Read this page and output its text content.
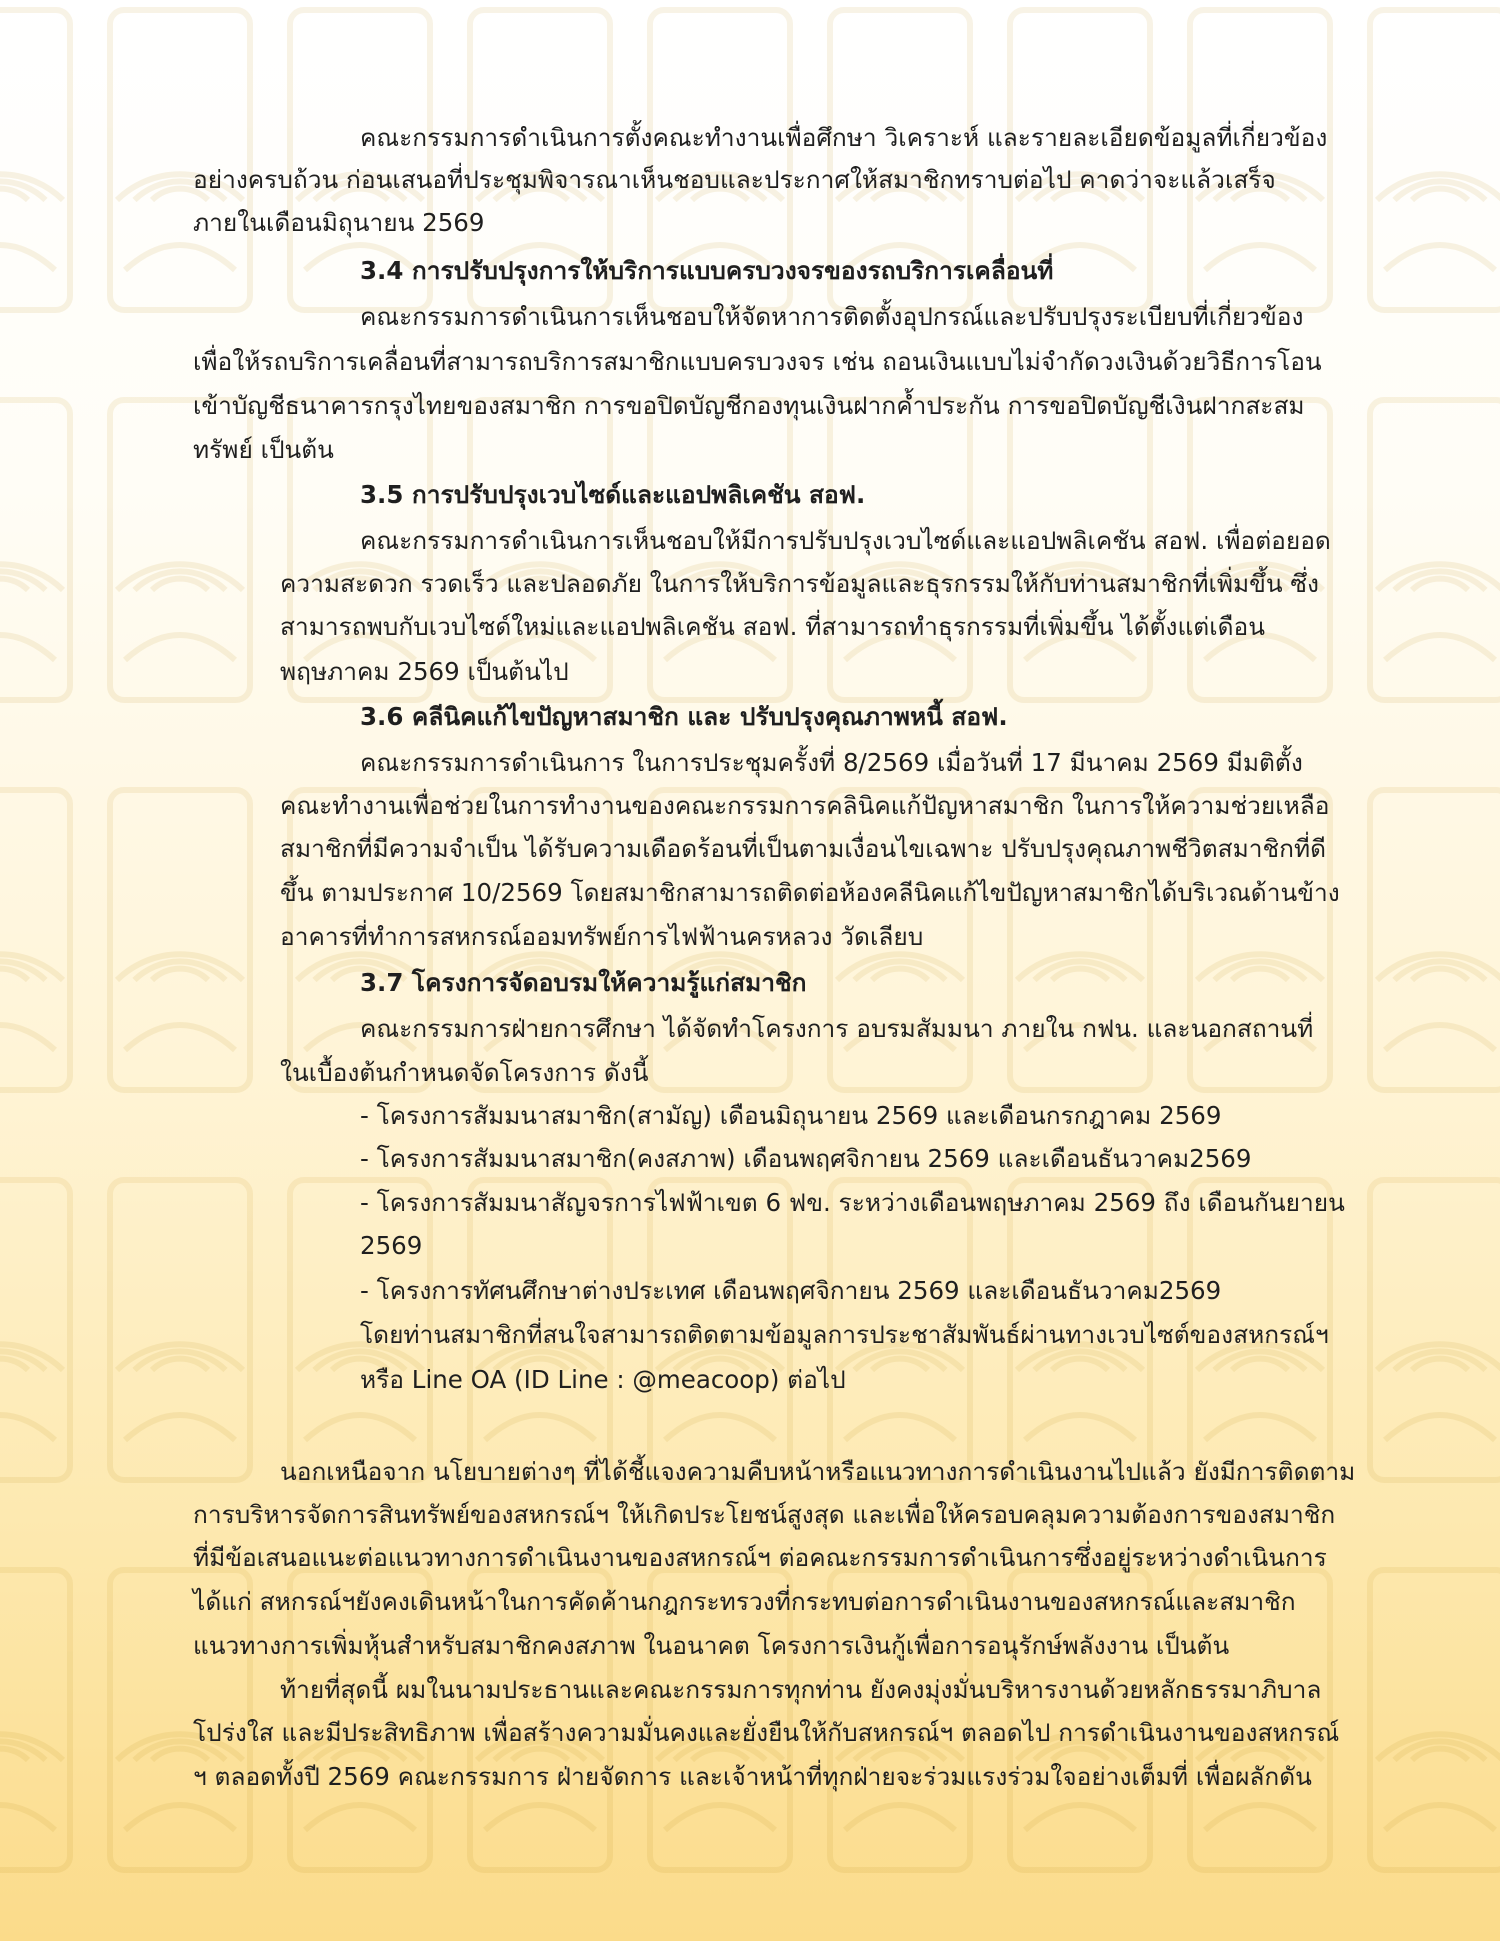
คณะกรรมการดำเนินการตั้งคณะทำงานเพื่อศึกษา วิเคราะห์ และรายละเอียดข้อมูลที่เกี่ยวข้อง
อย่างครบถ้วน ก่อนเสนอที่ประชุมพิจารณาเห็นชอบและประกาศให้สมาชิกทราบต่อไป คาดว่าจะแล้วเสร็จ
ภายในเดือนมิถุนายน 2569
3.4 การปรับปรุงการให้บริการแบบครบวงจรของรถบริการเคลื่อนที่
คณะกรรมการดำเนินการเห็นชอบให้จัดหาการติดตั้งอุปกรณ์และปรับปรุงระเบียบที่เกี่ยวข้อง
เพื่อให้รถบริการเคลื่อนที่สามารถบริการสมาชิกแบบครบวงจร เช่น ถอนเงินแบบไม่จำกัดวงเงินด้วยวิธีการโอน
เข้าบัญชีธนาคารกรุงไทยของสมาชิก การขอปิดบัญชีกองทุนเงินฝากค้ำประกัน การขอปิดบัญชีเงินฝากสะสม
ทรัพย์ เป็นต้น
3.5 การปรับปรุงเวบไซด์และแอปพลิเคชัน สอฟ.
คณะกรรมการดำเนินการเห็นชอบให้มีการปรับปรุงเวบไซด์และแอปพลิเคชัน สอฟ. เพื่อต่อยอด
ความสะดวก รวดเร็ว และปลอดภัย ในการให้บริการข้อมูลและธุรกรรมให้กับท่านสมาชิกที่เพิ่มขึ้น ซึ่ง
สามารถพบกับเวบไซด์ใหม่และแอปพลิเคชัน สอฟ. ที่สามารถทำธุรกรรมที่เพิ่มขึ้น ได้ตั้งแต่เดือน
พฤษภาคม 2569 เป็นต้นไป
3.6 คลีนิคแก้ไขปัญหาสมาชิก และ ปรับปรุงคุณภาพหนี้ สอฟ.
คณะกรรมการดำเนินการ ในการประชุมครั้งที่ 8/2569 เมื่อวันที่ 17 มีนาคม 2569 มีมติตั้ง
คณะทำงานเพื่อช่วยในการทำงานของคณะกรรมการคลินิคแก้ปัญหาสมาชิก ในการให้ความช่วยเหลือ
สมาชิกที่มีความจำเป็น ได้รับความเดือดร้อนที่เป็นตามเงื่อนไขเฉพาะ ปรับปรุงคุณภาพชีวิตสมาชิกที่ดี
ขึ้น ตามประกาศ 10/2569 โดยสมาชิกสามารถติดต่อห้องคลีนิคแก้ไขปัญหาสมาชิกได้บริเวณด้านข้าง
อาคารที่ทำการสหกรณ์ออมทรัพย์การไฟฟ้านครหลวง วัดเลียบ
3.7 โครงการจัดอบรมให้ความรู้แก่สมาชิก
คณะกรรมการฝ่ายการศึกษา ได้จัดทำโครงการ อบรมสัมมนา ภายใน กฟน. และนอกสถานที่
ในเบื้องต้นกำหนดจัดโครงการ ดังนี้
- โครงการสัมมนาสมาชิก(สามัญ) เดือนมิถุนายน 2569 และเดือนกรกฎาคม 2569
- โครงการสัมมนาสมาชิก(คงสภาพ) เดือนพฤศจิกายน 2569 และเดือนธันวาคม2569
- โครงการสัมมนาสัญจรการไฟฟ้าเขต 6 ฟข. ระหว่างเดือนพฤษภาคม 2569 ถึง เดือนกันยายน
2569
- โครงการทัศนศึกษาต่างประเทศ เดือนพฤศจิกายน 2569 และเดือนธันวาคม2569
โดยท่านสมาชิกที่สนใจสามารถติดตามข้อมูลการประชาสัมพันธ์ผ่านทางเวบไซต์ของสหกรณ์ฯ
หรือ Line OA (ID Line : @meacoop) ต่อไป
นอกเหนือจาก นโยบายต่างๆ ที่ได้ชี้แจงความคืบหน้าหรือแนวทางการดำเนินงานไปแล้ว ยังมีการติดตาม
การบริหารจัดการสินทรัพย์ของสหกรณ์ฯ ให้เกิดประโยชน์สูงสุด และเพื่อให้ครอบคลุมความต้องการของสมาชิก
ที่มีข้อเสนอแนะต่อแนวทางการดำเนินงานของสหกรณ์ฯ ต่อคณะกรรมการดำเนินการซึ่งอยู่ระหว่างดำเนินการ
ได้แก่ สหกรณ์ฯยังคงเดินหน้าในการคัดค้านกฎกระทรวงที่กระทบต่อการดำเนินงานของสหกรณ์และสมาชิก
แนวทางการเพิ่มหุ้นสำหรับสมาชิกคงสภาพ ในอนาคต โครงการเงินกู้เพื่อการอนุรักษ์พลังงาน เป็นต้น
ท้ายที่สุดนี้ ผมในนามประธานและคณะกรรมการทุกท่าน ยังคงมุ่งมั่นบริหารงานด้วยหลักธรรมาภิบาล
โปร่งใส และมีประสิทธิภาพ เพื่อสร้างความมั่นคงและยั่งยืนให้กับสหกรณ์ฯ ตลอดไป การดำเนินงานของสหกรณ์
ฯ ตลอดทั้งปี 2569 คณะกรรมการ ฝ่ายจัดการ และเจ้าหน้าที่ทุกฝ่ายจะร่วมแรงร่วมใจอย่างเต็มที่ เพื่อผลักดัน
